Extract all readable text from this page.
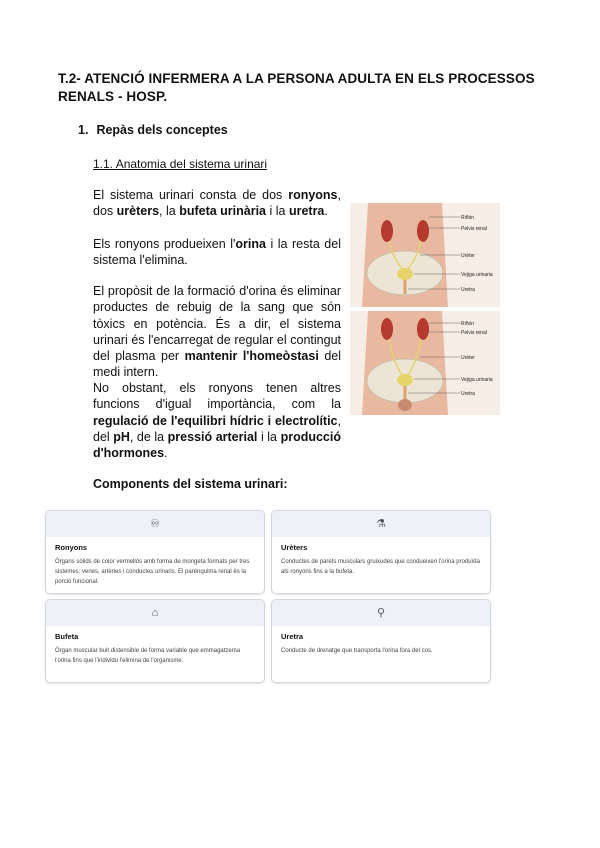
T.2- ATENCIÓ INFERMERA A LA PERSONA ADULTA EN ELS PROCESSOS RENALS - HOSP.
1. Repàs dels conceptes
1.1. Anatomia del sistema urinari
El sistema urinari consta de dos ronyons, dos urèters, la bufeta urinària i la uretra.
Els ronyons produeixen l'orina i la resta del sistema l'elimina.
El propòsit de la formació d'orina és eliminar productes de rebuig de la sang que són tòxics en potència. És a dir, el sistema urinari és l'encarregat de regular el contingut del plasma per mantenir l'homeòstasi del medi intern.
No obstant, els ronyons tenen altres funcions d'igual importància, com la regulació de l'equilibri hídric i electrolític, del pH, de la pressió arterial i la producció d'hormones.
Riñón
Pelvis renal
Uréter
Vejiga urinaria
Uretra
Riñón
Pelvis renal
Uréter
Vejiga urinaria
Uretra
Components del sistema urinari:
♾
Ronyons
Òrgans sòlids de color vermellós amb forma de mongeta formats per tres sistemes: venes, artèries i conductes urinaris. El parènquima renal és la porció funcional.
⚗
Urèters
Conductes de parets musculars gruixudes que condueixen l'orina produïda als ronyons fins a la bufeta.
⌂
Bufeta
Òrgan muscular buit distensible de forma variable que emmagatzema l'orina fins que l'individu l'elimina de l'organisme.
⚲
Uretra
Conducte de drenatge que transporta l'orina fora del cos.
